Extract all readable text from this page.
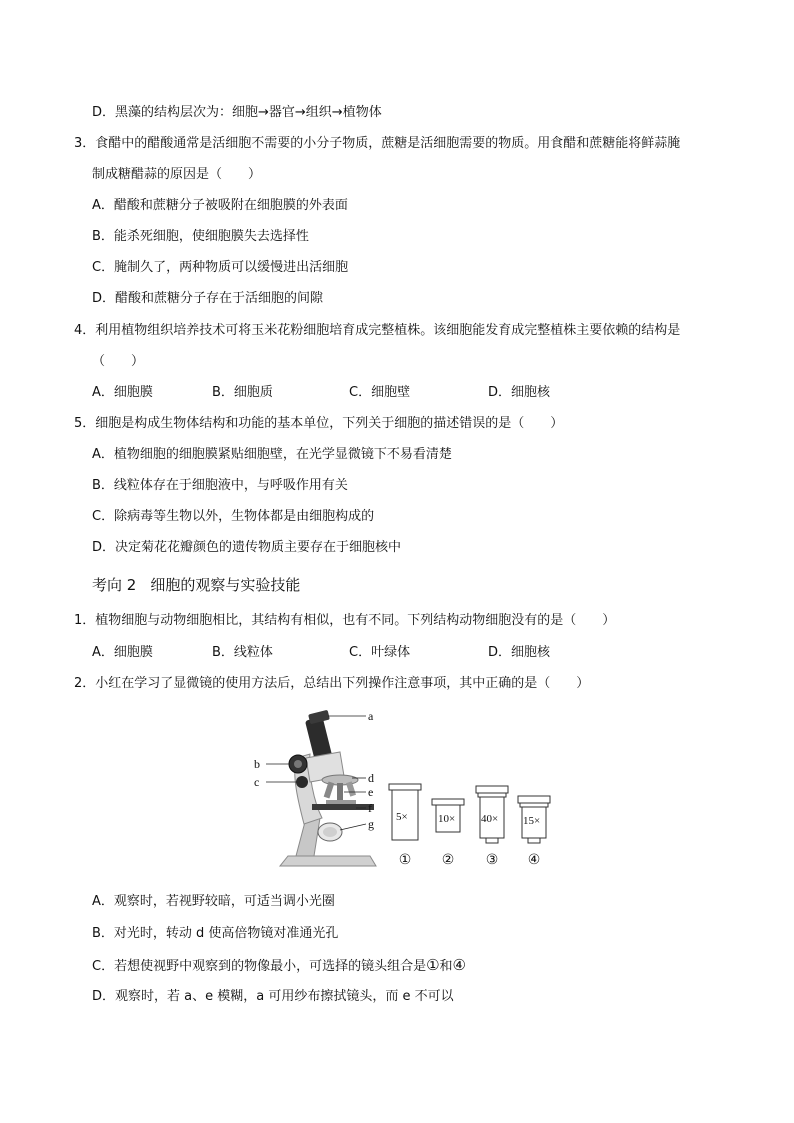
D．黑藻的结构层次为：细胞→器官→组织→植物体
3．食醋中的醋酸通常是活细胞不需要的小分子物质，蔗糖是活细胞需要的物质。用食醋和蔗糖能将鲜蒜腌
制成糖醋蒜的原因是（　　）
A．醋酸和蔗糖分子被吸附在细胞膜的外表面
B．能杀死细胞，使细胞膜失去选择性
C．腌制久了，两种物质可以缓慢进出活细胞
D．醋酸和蔗糖分子存在于活细胞的间隙
4．利用植物组织培养技术可将玉米花粉细胞培育成完整植株。该细胞能发育成完整植株主要依赖的结构是
（　　）
A．细胞膜	B．细胞质	C．细胞壁	D．细胞核
5．细胞是构成生物体结构和功能的基本单位，下列关于细胞的描述错误的是（　　）
A．植物细胞的细胞膜紧贴细胞壁，在光学显微镜下不易看清楚
B．线粒体存在于细胞液中，与呼吸作用有关
C．除病毒等生物以外，生物体都是由细胞构成的
D．决定菊花花瓣颜色的遗传物质主要存在于细胞核中
考向 2 细胞的观察与实验技能
1．植物细胞与动物细胞相比，其结构有相似，也有不同。下列结构动物细胞没有的是（　　）
A．细胞膜	B．线粒体	C．叶绿体	D．细胞核
2．小红在学习了显微镜的使用方法后，总结出下列操作注意事项，其中正确的是（　　）
a
b
c	d
e
f
g 5×	10× 40× 15×
① ② ③ ④
A．观察时，若视野较暗，可适当调小光圈
B．对光时，转动 d 使高倍物镜对准通光孔
C．若想使视野中观察到的物像最小，可选择的镜头组合是①和④
D．观察时，若 a、e 模糊，a 可用纱布擦拭镜头，而 e 不可以
